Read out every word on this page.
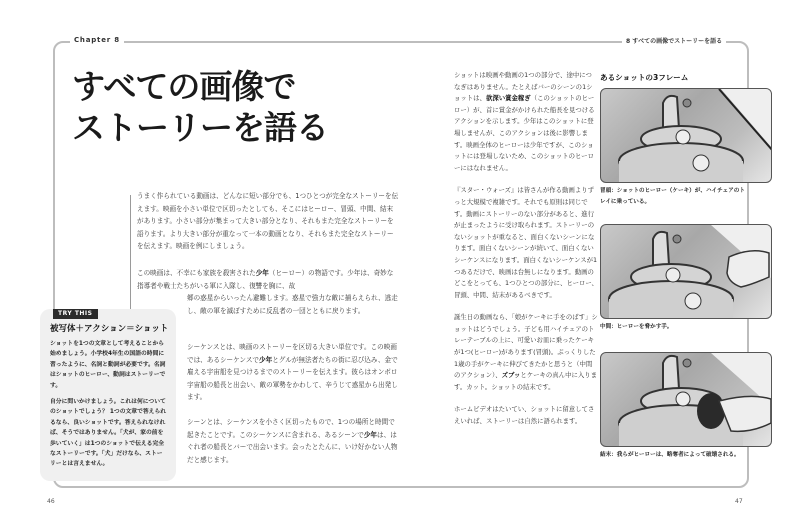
Chapter 8	8 すべての画像でストーリーを語る
すべての画像で
ストーリーを語る

うまく作られている動画は、どんなに短い部分でも、1つひとつが完全なストーリーを伝えます。映画を小さい単位で区切ったとしても、そこにはヒーロー、冒頭、中間、結末があります。小さい部分が集まって大きい部分となり、それもまた完全なストーリーを語ります。より大きい部分が重なって一本の動画となり、それもまた完全なストーリーを伝えます。映画を例にしましょう。

この映画は、不幸にも家族を殺害された少年（ヒーロー）の物語です。少年は、奇妙な指導者や戦士たちがいる軍に入隊し、復讐を胸に、故

郷の惑星からいったん避難します。惑星で強力な敵に捕らえられ、逃走し、敵の軍を滅ぼすために反乱者の一団とともに戻ります。

シーケンスとは、映画のストーリーを区切る大きい単位です。この映画では、あるシーケンスで少年とグルが無法者たちの街に忍び込み、金で雇える宇宙船を見つけるまでのストーリーを伝えます。彼らはオンボロ宇宙船の船長と出会い、敵の軍勢をかわして、辛うじて惑星から出発します。

シーンとは、シーケンスを小さく区切ったもので、1つの場所と時間で起きたことです。このシーケンスに含まれる、あるシーンで少年は、はぐれ者の船長とバーで出会います。会ったとたんに、いけ好かない人物だと感じます。

被写体＋アクション＝ショット

ショットを1つの文章として考えることから始めましょう。小学校4年生の国語の時間に習ったように、名詞と動詞が必要です。名詞はショットのヒーロー、動詞はストーリーです。

自分に問いかけましょう。これは何についてのショットでしょう？ 1つの文章で答えられるなら、良いショットです。答えられなければ、そうではありません。「犬が、家の前を歩いていく」は1つのショットで伝える完全なストーリーです。「犬」だけなら、ストーリーとは言えません。

TRY THIS

ショットは映画や動画の1つの部分で、途中につなぎはありません。たとえばバーのシーンの1ショットは、欲深い賞金稼ぎ（このショットのヒーロー）が、首に賞金がかけられた船長を見つけるアクションを示します。少年はこのショットに登場しませんが、このアクションは後に影響します。映画全体のヒーローは少年ですが、このショットには登場しないため、このショットのヒーローにはなれません。

『スター・ウォーズ』は皆さんが作る動画よりずっと大規模で複雑です。それでも原則は同じです。動画にストーリーのない部分があると、進行が止まったように受け取られます。ストーリーのないショットが重なると、面白くないシーンになります。面白くないシーンが続いて、面白くないシーケンスになります。面白くないシーケンスが1つあるだけで、映画は台無しになります。動画のどこをとっても、1つひとつの部分に、ヒーロー、冒頭、中間、結末があるべきです。

誕生日の動画なら、「娘がケーキに手をのばす」ショットはどうでしょう。子ども用ハイチェアのトレーテーブルの上に、可愛いお皿に乗ったケーキが1つ(ヒーロー)があります(冒頭)。ぷっくりした1歳の手がケーキに伸びてきたかと思うと（中間のアクション）、ズブッとケーキの真ん中に入ります。カット。ショットの結末です。

ホームビデオはたいてい、ショットに留意してさえいれば、ストーリーは自然に語られます。

あるショットの3フレーム
冒頭：ショットのヒーロー（ケーキ）が、ハイチェアのトレイに乗っている。
中間：ヒーローを脅かす手。
結末：我らがヒーローは、略奪者によって破壊される。
46	47
